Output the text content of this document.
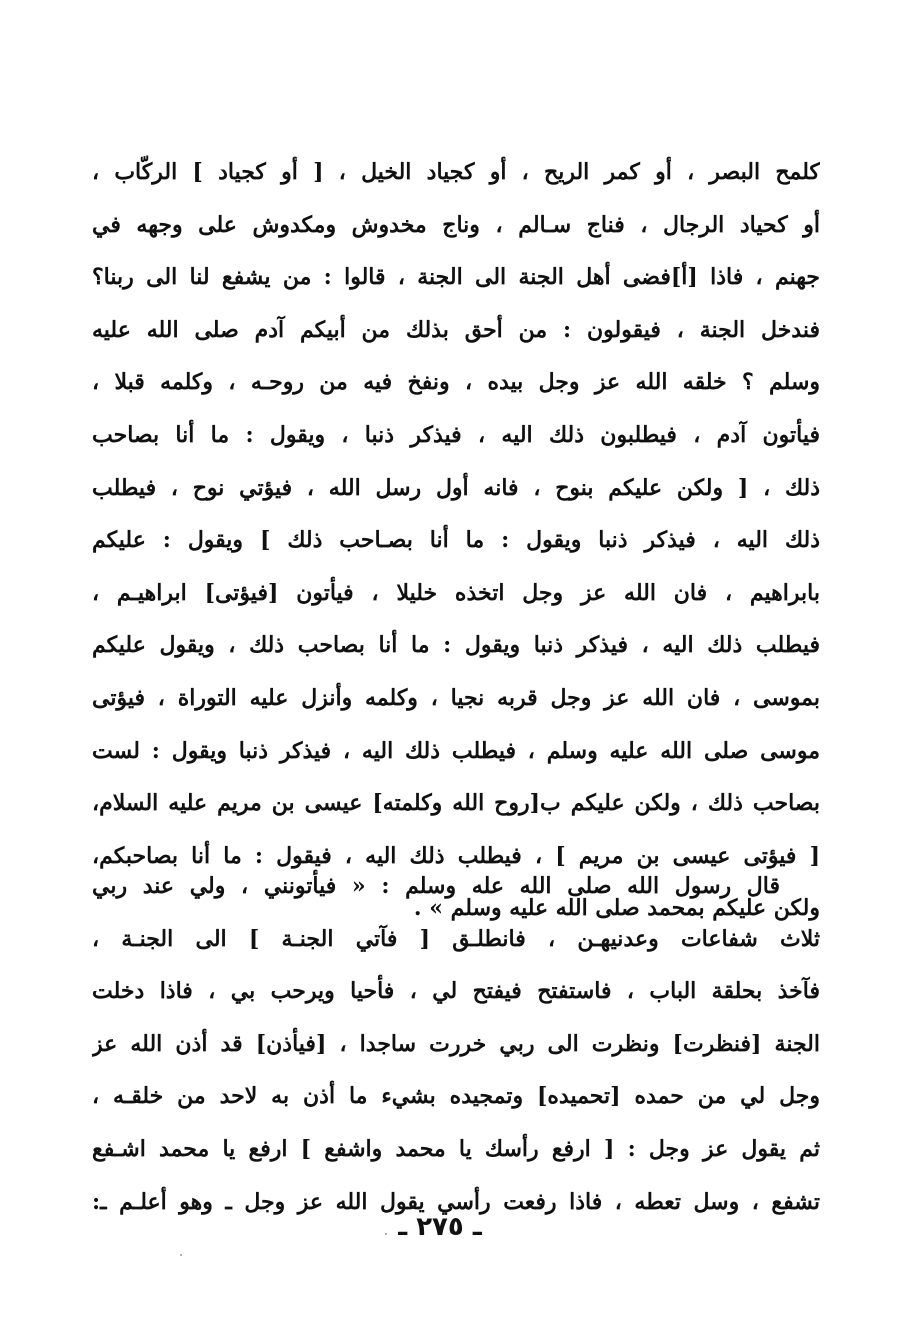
كلمح البصر ، أو كمر الريح ، أو كجياد الخيل ، [ أو كجياد ] الركّاب ،
أو كحياد الرجال ، فناج سـالم ، وناج مخدوش ومكدوش على وجهه في
جهنم ، فاذا [أ]فضى أهل الجنة الى الجنة ، قالوا : من يشفع لنا الى ربنا؟
فندخل الجنة ، فيقولون : من أحق بذلك من أبيكم آدم صلى الله عليه
وسلم ؟ خلقه الله عز وجل بيده ، ونفخ فيه من روحـه ، وكلمه قبلا ،
فيأتون آدم ، فيطلبون ذلك اليه ، فيذكر ذنبا ، ويقول : ما أنا بصاحب
ذلك ، [ ولكن عليكم بنوح ، فانه أول رسل الله ، فيؤتي نوح ، فيطلب
ذلك اليه ، فيذكر ذنبا ويقول : ما أنا بصـاحب ذلك ] ويقول : عليكم
بابراهيم ، فان الله عز وجل اتخذه خليلا ، فيأتون [فيؤتى] ابراهيـم ،
فيطلب ذلك اليه ، فيذكر ذنبا ويقول : ما أنا بصاحب ذلك ، ويقول عليكم
بموسى ، فان الله عز وجل قربه نجيا ، وكلمه وأنزل عليه التوراة ، فيؤتى
موسى صلى الله عليه وسلم ، فيطلب ذلك اليه ، فيذكر ذنبا ويقول : لست
بصاحب ذلك ، ولكن عليكم ب[روح الله وكلمته] عيسى بن مريم عليه السلام،
[ فيؤتى عيسى بن مريم ] ، فيطلب ذلك اليه ، فيقول : ما أنا بصاحبكم،
ولكن عليكم بمحمد صلى الله عليه وسلم » .
قال رسول الله صلى الله عله وسلم : « فيأتونني ، ولي عند ربي
ثلاث شفاعات وعدنيهـن ، فانطلـق [ فآتي الجنـة ] الى الجنـة ،
فآخذ بحلقة الباب ، فاستفتح فيفتح لي ، فأحيا ويرحب بي ، فاذا دخلت
الجنة [فنظرت] ونظرت الى ربي خررت ساجدا ، [فيأذن] قد أذن الله عز
وجل لي من حمده [تحميده] وتمجيده بشيء ما أذن به لاحد من خلقـه ،
ثم يقول عز وجل : [ ارفع رأسك يا محمد واشفع ] ارفع يا محمد اشـفع
تشفع ، وسل تعطه ، فاذا رفعت رأسي يقول الله عز وجل ـ وهو أعلـم ـ:
ـ ٢٧٥ ـ
